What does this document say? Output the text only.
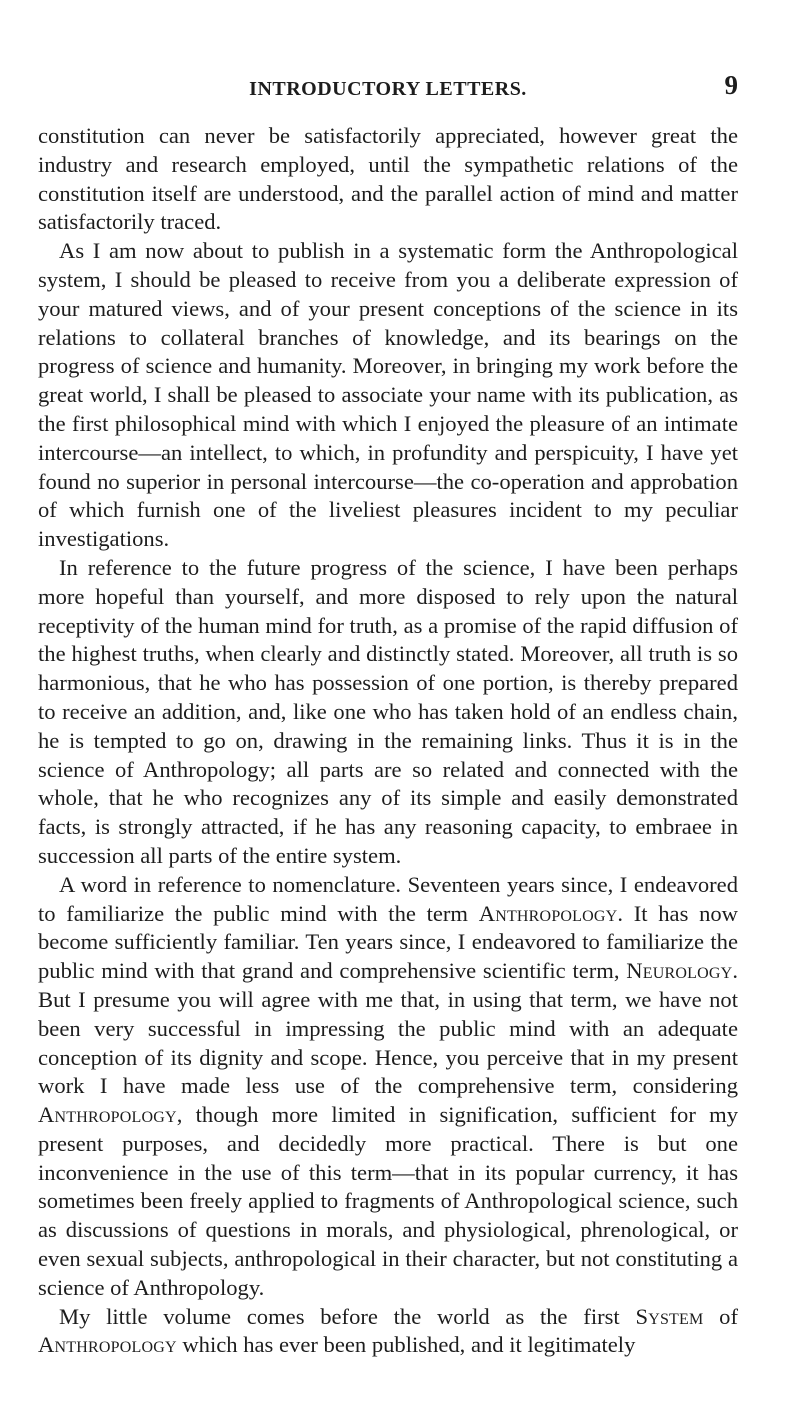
INTRODUCTORY LETTERS.	9

constitution can never be satisfactorily appreciated, however great the industry and research employed, until the sympathetic relations of the constitution itself are understood, and the parallel action of mind and matter satisfactorily traced.

As I am now about to publish in a systematic form the Anthropological system, I should be pleased to receive from you a deliberate expression of your matured views, and of your present conceptions of the science in its relations to collateral branches of knowledge, and its bearings on the progress of science and humanity. Moreover, in bringing my work before the great world, I shall be pleased to associate your name with its publication, as the first philosophical mind with which I enjoyed the pleasure of an intimate intercourse—an intellect, to which, in profundity and perspicuity, I have yet found no superior in personal intercourse—the co-operation and approbation of which furnish one of the liveliest pleasures incident to my peculiar investigations.

In reference to the future progress of the science, I have been perhaps more hopeful than yourself, and more disposed to rely upon the natural receptivity of the human mind for truth, as a promise of the rapid diffusion of the highest truths, when clearly and distinctly stated. Moreover, all truth is so harmonious, that he who has possession of one portion, is thereby prepared to receive an addition, and, like one who has taken hold of an endless chain, he is tempted to go on, drawing in the remaining links. Thus it is in the science of Anthropology; all parts are so related and connected with the whole, that he who recognizes any of its simple and easily demonstrated facts, is strongly attracted, if he has any reasoning capacity, to embraee in succession all parts of the entire system.

A word in reference to nomenclature. Seventeen years since, I endeavored to familiarize the public mind with the term Anthropology. It has now become sufficiently familiar. Ten years since, I endeavored to familiarize the public mind with that grand and comprehensive scientific term, Neurology. But I presume you will agree with me that, in using that term, we have not been very successful in impressing the public mind with an adequate conception of its dignity and scope. Hence, you perceive that in my present work I have made less use of the comprehensive term, considering Anthropology, though more limited in signification, sufficient for my present purposes, and decidedly more practical. There is but one inconvenience in the use of this term—that in its popular currency, it has sometimes been freely applied to fragments of Anthropological science, such as discussions of questions in morals, and physiological, phrenological, or even sexual subjects, anthropological in their character, but not constituting a science of Anthropology.

My little volume comes before the world as the first System of Anthropology which has ever been published, and it legitimately
